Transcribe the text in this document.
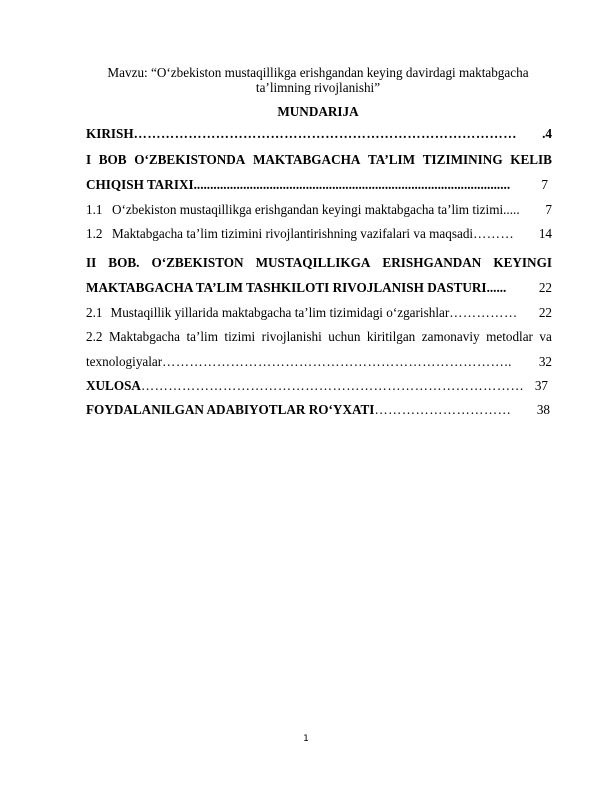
Mavzu: “O‘zbekiston mustaqillikga erishgandan keying davirdagi maktabgacha
ta’limning rivojlanishi”
MUNDARIJA
KIRISH …………………………………………………………………………	.4
I BOB O‘ZBEKISTONDA MAKTABGACHA TA’LIM TIZIMINING KELIB
CHIQISH TARIXI ................................................................................................	7
1.1 O‘zbekiston mustaqillikga erishgandan keyingi maktabgacha ta’lim tizimi .....	7
1.2 Maktabgacha ta’lim tizimini rivojlantirishning vazifalari va maqsadi ………	14
II BOB. O‘ZBEKISTON MUSTAQILLIKGA ERISHGANDAN KEYINGI
MAKTABGACHA TA’LIM TASHKILOTI RIVOJLANISH DASTURI ......	22
2.1 Mustaqillik yillarida maktabgacha ta’lim tizimidagi o‘zgarishlar ……………	22
2.2 Maktabgacha ta’lim tizimi rivojlanishi uchun kiritilgan zamonaviy metodlar va
texnologiyalar …………………………………………………………………..	32
XULOSA ………………………………………………………………………… 37
FOYDALANILGAN ADABIYOTLAR RO‘YXATI …………………………	38
1
